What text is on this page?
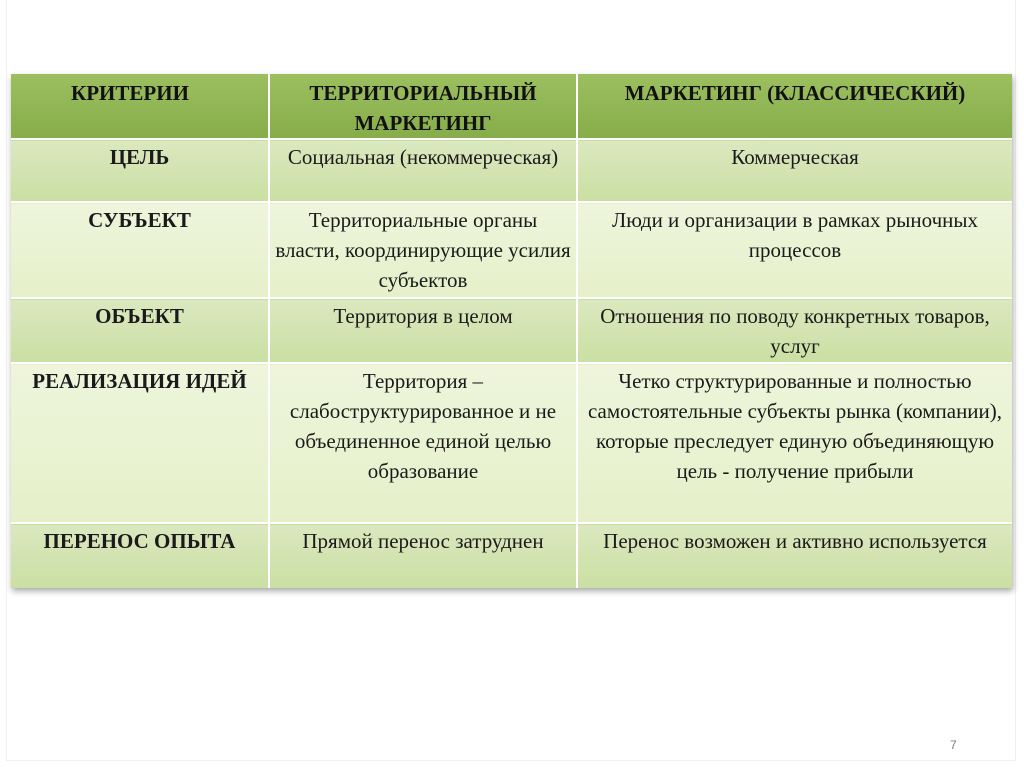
КРИТЕРИИ	ТЕРРИТОРИАЛЬНЫЙ МАРКЕТИНГ	МАРКЕТИНГ (КЛАССИЧЕСКИЙ)
ЦЕЛЬ	Социальная (некоммерческая)	Коммерческая
СУБЪЕКТ	Территориальные органы власти, координирующие усилия субъектов	Люди и организации в рамках рыночных процессов
ОБЪЕКТ	Территория в целом	Отношения по поводу конкретных товаров, услуг
РЕАЛИЗАЦИЯ ИДЕЙ	Территория – слабоструктурированное и не объединенное единой целью образование	Четко структурированные и полностью самостоятельные субъекты рынка (компании), которые преследует единую объединяющую цель - получение прибыли
ПЕРЕНОС ОПЫТА	Прямой перенос затруднен	Перенос возможен и активно используется
7
